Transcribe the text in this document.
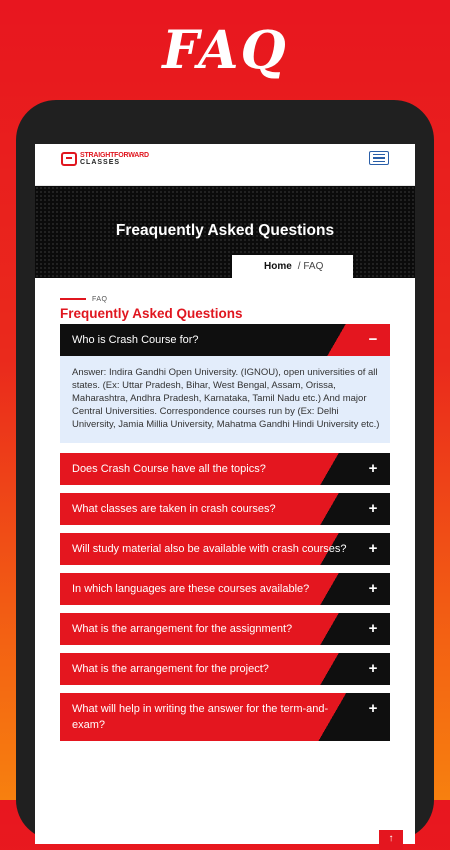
FAQ
STRAIGHTFORWARD
CLASSES
Freaquently Asked Questions
Home / FAQ
FAQ
Frequently Asked Questions
Who is Crash Course for?	−
Answer: Indira Gandhi Open University. (IGNOU), open universities of all states. (Ex: Uttar Pradesh, Bihar, West Bengal, Assam, Orissa, Maharashtra, Andhra Pradesh, Karnataka, Tamil Nadu etc.) And major Central Universities. Correspondence courses run by (Ex: Delhi University, Jamia Millia University, Mahatma Gandhi Hindi University etc.)
Does Crash Course have all the topics?	+
What classes are taken in crash courses?	+
Will study material also be available with crash courses?	+
In which languages are these courses available?	+
What is the arrangement for the assignment?	+
What is the arrangement for the project?	+
What will help in writing the answer for the term-and-exam?
+
↑
